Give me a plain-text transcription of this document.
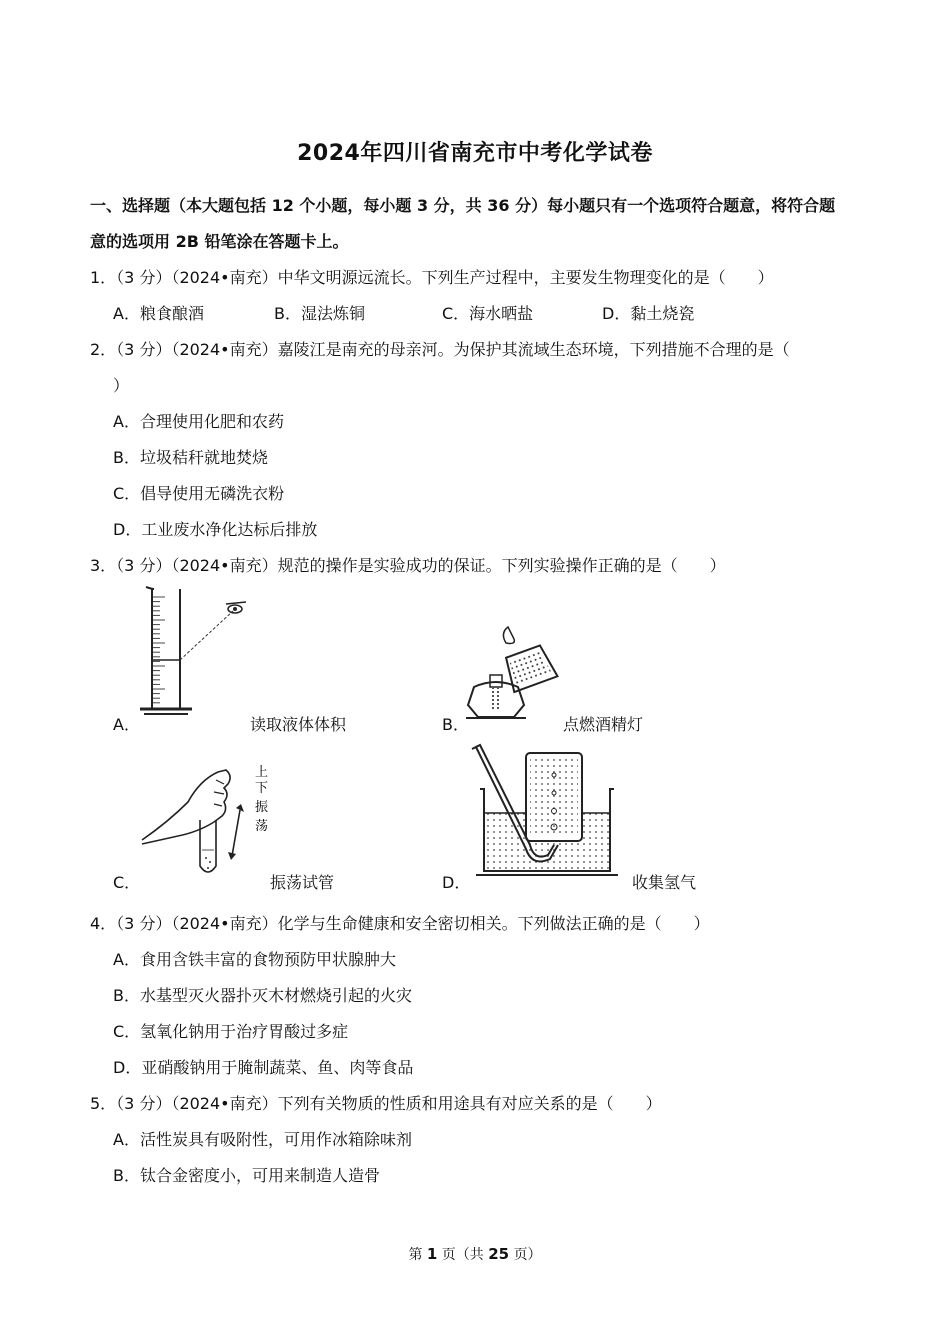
2024年四川省南充市中考化学试卷
一、选择题（本大题包括 12 个小题，每小题 3 分，共 36 分）每小题只有一个选项符合题意，将符合题
意的选项用 2B 铅笔涂在答题卡上。
1．（3 分）（2024•南充）中华文明源远流长。下列生产过程中，主要发生物理变化的是（　　）
A．粮食酿酒	B．湿法炼铜	C．海水晒盐	D．黏土烧瓷
2．（3 分）（2024•南充）嘉陵江是南充的母亲河。为保护其流域生态环境，下列措施不合理的是（
）
A．合理使用化肥和农药
B．垃圾秸秆就地焚烧
C．倡导使用无磷洗衣粉
D．工业废水净化达标后排放
3．（3 分）（2024•南充）规范的操作是实验成功的保证。下列实验操作正确的是（　　）
A．	读取液体体积	B．	点燃酒精灯
上
下
振
荡
C．	振荡试管	D．	收集氢气
4．（3 分）（2024•南充）化学与生命健康和安全密切相关。下列做法正确的是（　　）
A．食用含铁丰富的食物预防甲状腺肿大
B．水基型灭火器扑灭木材燃烧引起的火灾
C．氢氧化钠用于治疗胃酸过多症
D．亚硝酸钠用于腌制蔬菜、鱼、肉等食品
5．（3 分）（2024•南充）下列有关物质的性质和用途具有对应关系的是（　　）
A．活性炭具有吸附性，可用作冰箱除味剂
B．钛合金密度小，可用来制造人造骨
第 1 页（共 25 页）
